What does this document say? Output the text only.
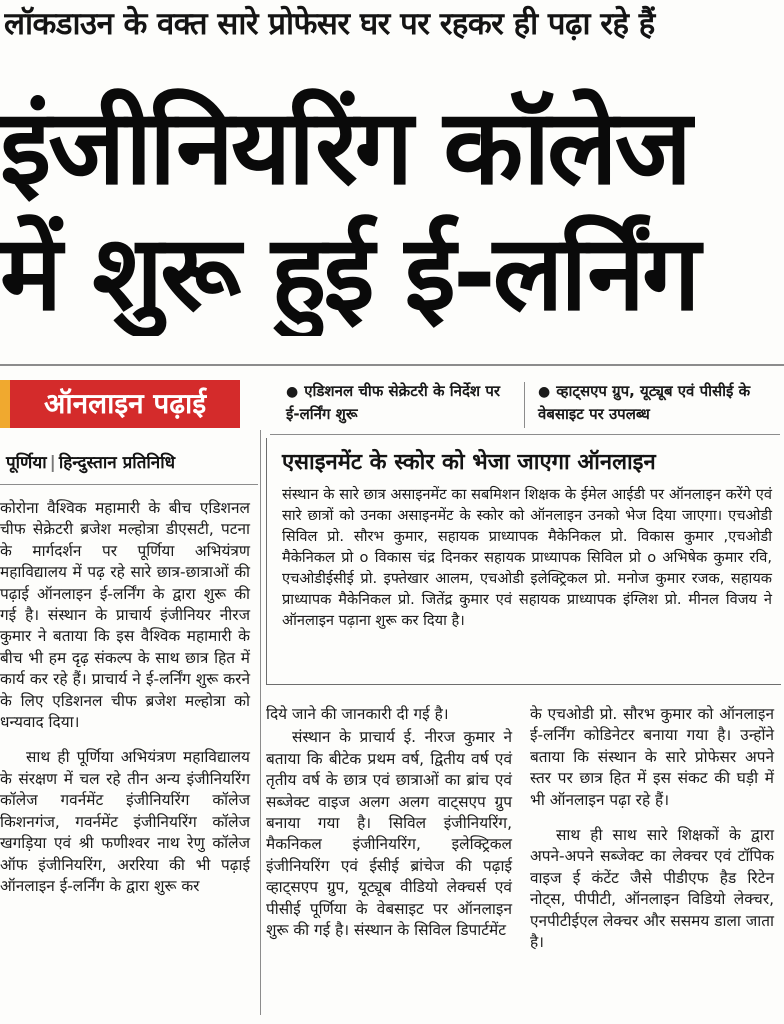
लॉकडाउन के वक्त सारे प्रोफेसर घर पर रहकर ही पढ़ा रहे हैं
इंजीनियरिंग कॉलेज
में शुरू हुई ई-लर्निंग
ऑनलाइन पढ़ाई
पूर्णिया | हिन्दुस्तान प्रतिनिधि
● एडिशनल चीफ सेक्रेटरी के निर्देश पर ई-लर्निंग शुरू
● व्हाट्सएप ग्रुप, यूट्यूब एवं पीसीई के वेबसाइट पर उपलब्ध
एसाइनमेंट के स्कोर को भेजा जाएगा ऑनलाइन
संस्थान के सारे छात्र असाइनमेंट का सबमिशन शिक्षक के ईमेल आईडी पर ऑनलाइन करेंगे एवं सारे छात्रों को उनका असाइनमेंट के स्कोर को ऑनलाइन उनको भेज दिया जाएगा। एचओडी सिविल प्रो. सौरभ कुमार, सहायक प्राध्यापक मैकेनिकल प्रो. विकास कुमार ,एचओडी मैकेनिकल प्रो o विकास चंद्र दिनकर सहायक प्राध्यापक सिविल प्रो o अभिषेक कुमार रवि, एचओडीईसीई प्रो. इफ्तेखार आलम, एचओडी इलेक्ट्रिकल प्रो. मनोज कुमार रजक, सहायक प्राध्यापक मैकेनिकल प्रो. जितेंद्र कुमार एवं सहायक प्राध्यापक इंग्लिश प्रो. मीनल विजय ने ऑनलाइन पढ़ाना शुरू कर दिया है।

कोरोना वैश्विक महामारी के बीच एडिशनल चीफ सेक्रेटरी ब्रजेश मल्होत्रा डीएसटी, पटना के मार्गदर्शन पर पूर्णिया अभियंत्रण महाविद्यालय में पढ़ रहे सारे छात्र-छात्राओं की पढ़ाई ऑनलाइन ई-लर्निंग के द्वारा शुरू की गई है। संस्थान के प्राचार्य इंजीनियर नीरज कुमार ने बताया कि इस वैश्विक महामारी के बीच भी हम दृढ़ संकल्प के साथ छात्र हित में कार्य कर रहे हैं। प्राचार्य ने ई-लर्निंग शुरू करने के लिए एडिशनल चीफ ब्रजेश मल्होत्रा को धन्यवाद दिया।

साथ ही पूर्णिया अभियंत्रण महाविद्यालय के संरक्षण में चल रहे तीन अन्य इंजीनियरिंग कॉलेज गवर्नमेंट इंजीनियरिंग कॉलेज किशनगंज, गवर्नमेंट इंजीनियरिंग कॉलेज खगड़िया एवं श्री फणीश्वर नाथ रेणु कॉलेज ऑफ इंजीनियरिंग, अररिया की भी पढ़ाई ऑनलाइन ई-लर्निंग के द्वारा शुरू कर

दिये जाने की जानकारी दी गई है।

संस्थान के प्राचार्य ई. नीरज कुमार ने बताया कि बीटेक प्रथम वर्ष, द्वितीय वर्ष एवं तृतीय वर्ष के छात्र एवं छात्राओं का ब्रांच एवं सब्जेक्ट वाइज अलग अलग वाट्सएप ग्रुप बनाया गया है। सिविल इंजीनियरिंग, मैकनिकल इंजीनियरिंग, इलेक्ट्रिकल इंजीनियरिंग एवं ईसीई ब्रांचेज की पढ़ाई व्हाट्सएप ग्रुप, यूट्यूब वीडियो लेक्चर्स एवं पीसीई पूर्णिया के वेबसाइट पर ऑनलाइन शुरू की गई है। संस्थान के सिविल डिपार्टमेंट

के एचओडी प्रो. सौरभ कुमार को ऑनलाइन ई-लर्निंग कोडिनेटर बनाया गया है। उन्होंने बताया कि संस्थान के सारे प्रोफेसर अपने स्तर पर छात्र हित में इस संकट की घड़ी में भी ऑनलाइन पढ़ा रहे हैं।

साथ ही साथ सारे शिक्षकों के द्वारा अपने-अपने सब्जेक्ट का लेक्चर एवं टॉपिक वाइज ई कंटेंट जैसे पीडीएफ हैड रिटेन नोट्स, पीपीटी, ऑनलाइन विडियो लेक्चर, एनपीटीईएल लेक्चर और ससमय डाला जाता है।
